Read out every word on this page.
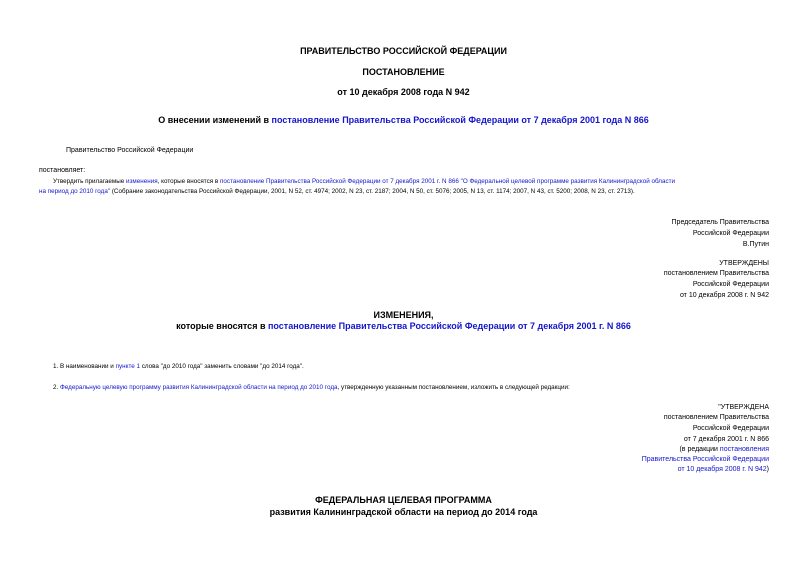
ПРАВИТЕЛЬСТВО РОССИЙСКОЙ ФЕДЕРАЦИИ
ПОСТАНОВЛЕНИЕ
от 10 декабря 2008 года N 942
О внесении изменений в постановление Правительства Российской Федерации от 7 декабря 2001 года N 866
Правительство Российской Федерации
постановляет:
Утвердить прилагаемые изменения, которые вносятся в постановление Правительства Российской Федерации от 7 декабря 2001 г. N 866 "О Федеральной целевой программе развития Калининградской области
на период до 2010 года" (Собрание законодательства Российской Федерации, 2001, N 52, ст. 4974; 2002, N 23, ст. 2187; 2004, N 50, ст. 5076; 2005, N 13, ст. 1174; 2007, N 43, ст. 5200; 2008, N 23, ст. 2713).
Председатель Правительства
Российской Федерации
В.Путин
УТВЕРЖДЕНЫ
постановлением Правительства
Российской Федерации
от 10 декабря 2008 г. N 942
ИЗМЕНЕНИЯ,
которые вносятся в постановление Правительства Российской Федерации от 7 декабря 2001 г. N 866
1. В наименовании и пункте 1 слова "до 2010 года" заменить словами "до 2014 года".
2. Федеральную целевую программу развития Калининградской области на период до 2010 года, утвержденную указанным постановлением, изложить в следующей редакции:
"УТВЕРЖДЕНА
постановлением Правительства
Российской Федерации
от 7 декабря 2001 г. N 866
(в редакции постановления
Правительства Российской Федерации
от 10 декабря 2008 г. N 942)
ФЕДЕРАЛЬНАЯ ЦЕЛЕВАЯ ПРОГРАММА
развития Калининградской области на период до 2014 года
